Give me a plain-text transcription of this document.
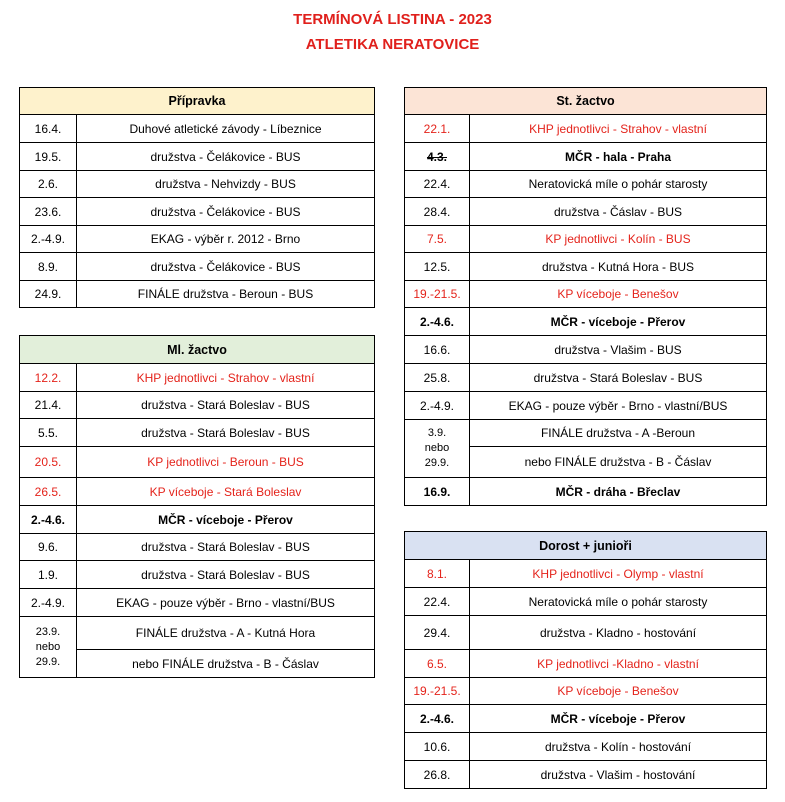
TERMÍNOVÁ LISTINA - 2023
ATLETIKA NERATOVICE
Přípravka	
16.4.	Duhové atletické závody - Líbeznice
19.5.	družstva - Čelákovice - BUS
2.6.	družstva - Nehvizdy - BUS
23.6.	družstva - Čelákovice - BUS
2.-4.9.	EKAG - výběr r. 2012 - Brno
8.9.	družstva - Čelákovice - BUS
24.9.	FINÁLE družstva - Beroun - BUS
Ml. žactvo	
12.2.	KHP jednotlivci - Strahov - vlastní
21.4.	družstva - Stará Boleslav - BUS
5.5.	družstva - Stará Boleslav - BUS
20.5.	KP jednotlivci - Beroun - BUS
26.5.	KP víceboje - Stará Boleslav
2.-4.6.	MČR - víceboje - Přerov
9.6.	družstva - Stará Boleslav - BUS
1.9.	družstva - Stará Boleslav - BUS
2.-4.9.	EKAG - pouze výběr - Brno - vlastní/BUS

23.9.
nebo
29.9.	FINÁLE družstva - A - Kutná Hora
	nebo FINÁLE družstva - B - Čáslav
St. žactvo	
22.1.	KHP jednotlivci - Strahov - vlastní
4.3.	MČR - hala - Praha
22.4.	Neratovická míle o pohár starosty
28.4.	družstva - Čáslav - BUS
7.5.	KP jednotlivci - Kolín - BUS
12.5.	družstva - Kutná Hora - BUS
19.-21.5.	KP víceboje - Benešov
2.-4.6.	MČR - víceboje - Přerov
16.6.	družstva - Vlašim - BUS
25.8.	družstva - Stará Boleslav - BUS
2.-4.9.	EKAG - pouze výběr - Brno - vlastní/BUS

3.9.
nebo
29.9.	FINÁLE družstva - A -Beroun
	nebo FINÁLE družstva - B - Čáslav
16.9.	MČR - dráha - Břeclav
Dorost + junioři	
8.1.	KHP jednotlivci - Olymp - vlastní
22.4.	Neratovická míle o pohár starosty
29.4.	družstva - Kladno - hostování
6.5.	KP jednotlivci -Kladno - vlastní
19.-21.5.	KP víceboje - Benešov
2.-4.6.	MČR - víceboje - Přerov
10.6.	družstva - Kolín - hostování
26.8.	družstva - Vlašim - hostování
